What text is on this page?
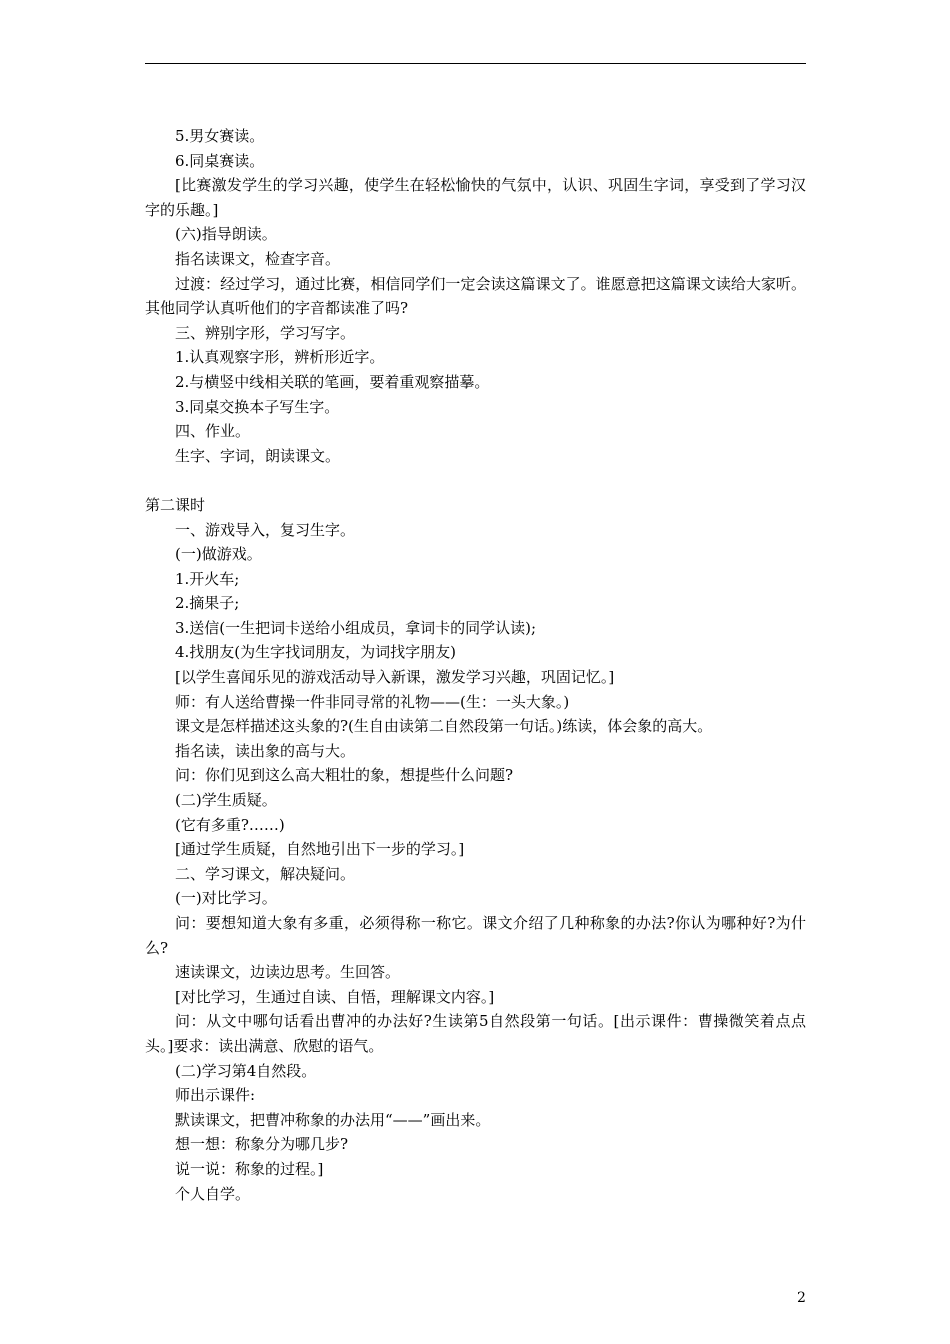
5.男女赛读。

6.同桌赛读。

[比赛激发学生的学习兴趣，使学生在轻松愉快的气氛中，认识、巩固生字词，享受到了学习汉字的乐趣。]

(六)指导朗读。

指名读课文，检查字音。

过渡：经过学习，通过比赛，相信同学们一定会读这篇课文了。谁愿意把这篇课文读给大家听。其他同学认真听他们的字音都读准了吗?

三、辨别字形，学习写字。

1.认真观察字形，辨析形近字。

2.与横竖中线相关联的笔画，要着重观察描摹。

3.同桌交换本子写生字。

四、作业。

生字、字词，朗读课文。

第二课时

一、游戏导入，复习生字。

(一)做游戏。

1.开火车;

2.摘果子;

3.送信(一生把词卡送给小组成员，拿词卡的同学认读);

4.找朋友(为生字找词朋友，为词找字朋友)

[以学生喜闻乐见的游戏活动导入新课，激发学习兴趣，巩固记忆。]

师：有人送给曹操一件非同寻常的礼物——(生：一头大象。)

课文是怎样描述这头象的?(生自由读第二自然段第一句话。)练读，体会象的高大。

指名读，读出象的高与大。

问：你们见到这么高大粗壮的象，想提些什么问题?

(二)学生质疑。

(它有多重?……)

[通过学生质疑，自然地引出下一步的学习。]

二、学习课文，解决疑问。

(一)对比学习。

问：要想知道大象有多重，必须得称一称它。课文介绍了几种称象的办法?你认为哪种好?为什么?

速读课文，边读边思考。生回答。

[对比学习，生通过自读、自悟，理解课文内容。]

问：从文中哪句话看出曹冲的办法好?生读第5自然段第一句话。[出示课件：曹操微笑着点点头。]要求：读出满意、欣慰的语气。

(二)学习第4自然段。

师出示课件:

默读课文，把曹冲称象的办法用“——”画出来。

想一想：称象分为哪几步?

说一说：称象的过程。]

个人自学。

2
